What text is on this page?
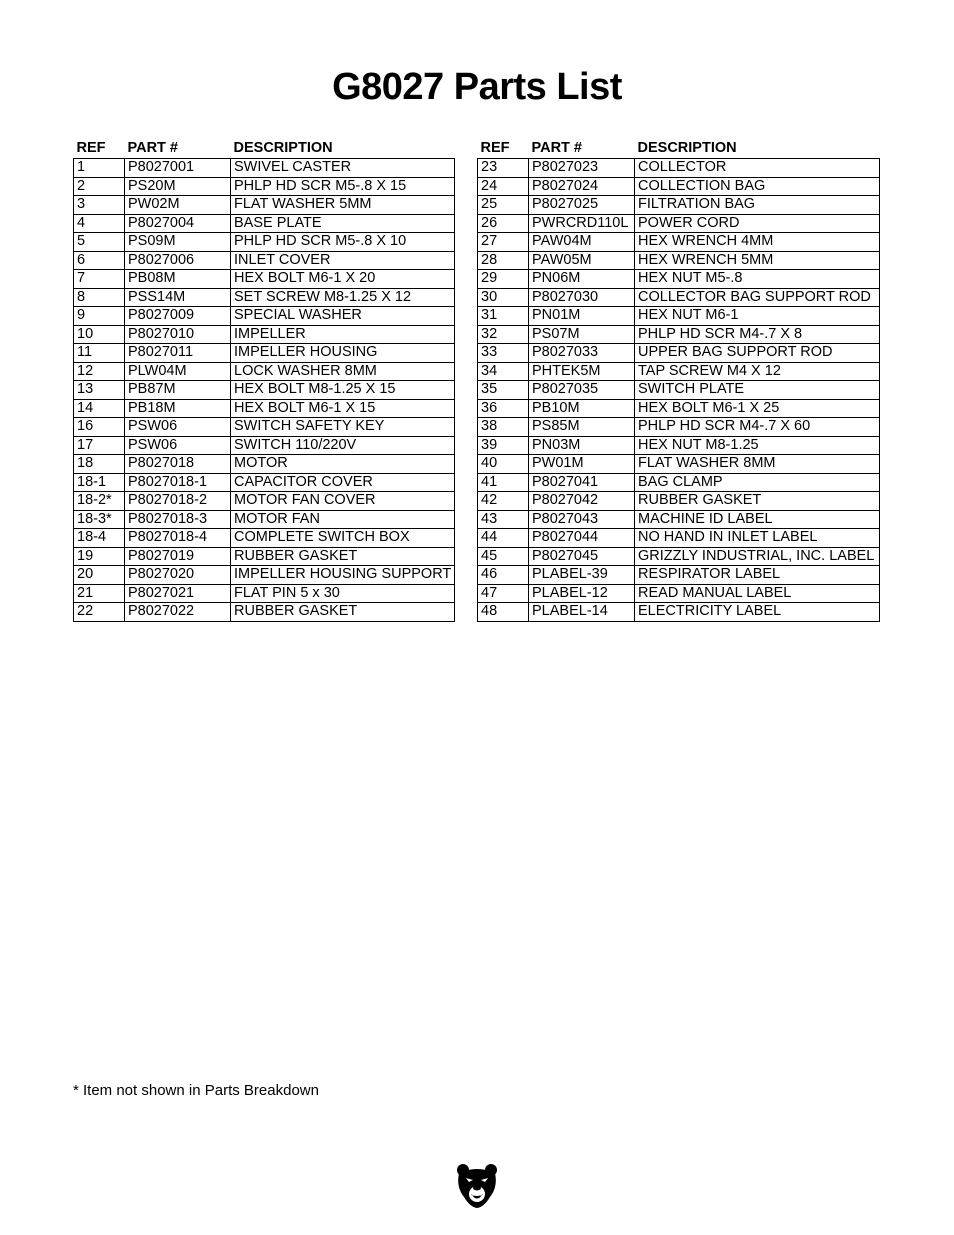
G8027 Parts List
REF	PART #	DESCRIPTION
1	P8027001	SWIVEL CASTER
2	PS20M	PHLP HD SCR M5-.8 X 15
3	PW02M	FLAT WASHER 5MM
4	P8027004	BASE PLATE
5	PS09M	PHLP HD SCR M5-.8 X 10
6	P8027006	INLET COVER
7	PB08M	HEX BOLT M6-1 X 20
8	PSS14M	SET SCREW M8-1.25 X 12
9	P8027009	SPECIAL WASHER
10	P8027010	IMPELLER
11	P8027011	IMPELLER HOUSING
12	PLW04M	LOCK WASHER 8MM
13	PB87M	HEX BOLT M8-1.25 X 15
14	PB18M	HEX BOLT M6-1 X 15
16	PSW06	SWITCH SAFETY KEY
17	PSW06	SWITCH 110/220V
18	P8027018	MOTOR
18-1	P8027018-1	CAPACITOR COVER
18-2*	P8027018-2	MOTOR FAN COVER
18-3*	P8027018-3	MOTOR FAN
18-4	P8027018-4	COMPLETE SWITCH BOX
19	P8027019	RUBBER GASKET
20	P8027020	IMPELLER HOUSING SUPPORT
21	P8027021	FLAT PIN 5 x 30
22	P8027022	RUBBER GASKET
REF	PART #	DESCRIPTION
23	P8027023	COLLECTOR
24	P8027024	COLLECTION BAG
25	P8027025	FILTRATION BAG
26	PWRCRD110L	POWER CORD
27	PAW04M	HEX WRENCH 4MM
28	PAW05M	HEX WRENCH 5MM
29	PN06M	HEX NUT M5-.8
30	P8027030	COLLECTOR BAG SUPPORT ROD
31	PN01M	HEX NUT M6-1
32	PS07M	PHLP HD SCR M4-.7 X 8
33	P8027033	UPPER BAG SUPPORT ROD
34	PHTEK5M	TAP SCREW M4 X 12
35	P8027035	SWITCH PLATE
36	PB10M	HEX BOLT M6-1 X 25
38	PS85M	PHLP HD SCR M4-.7 X 60
39	PN03M	HEX NUT M8-1.25
40	PW01M	FLAT WASHER 8MM
41	P8027041	BAG CLAMP
42	P8027042	RUBBER GASKET
43	P8027043	MACHINE ID LABEL
44	P8027044	NO HAND IN INLET LABEL
45	P8027045	GRIZZLY INDUSTRIAL, INC. LABEL
46	PLABEL-39	RESPIRATOR LABEL
47	PLABEL-12	READ MANUAL LABEL
48	PLABEL-14	ELECTRICITY LABEL
* Item not shown in Parts Breakdown
